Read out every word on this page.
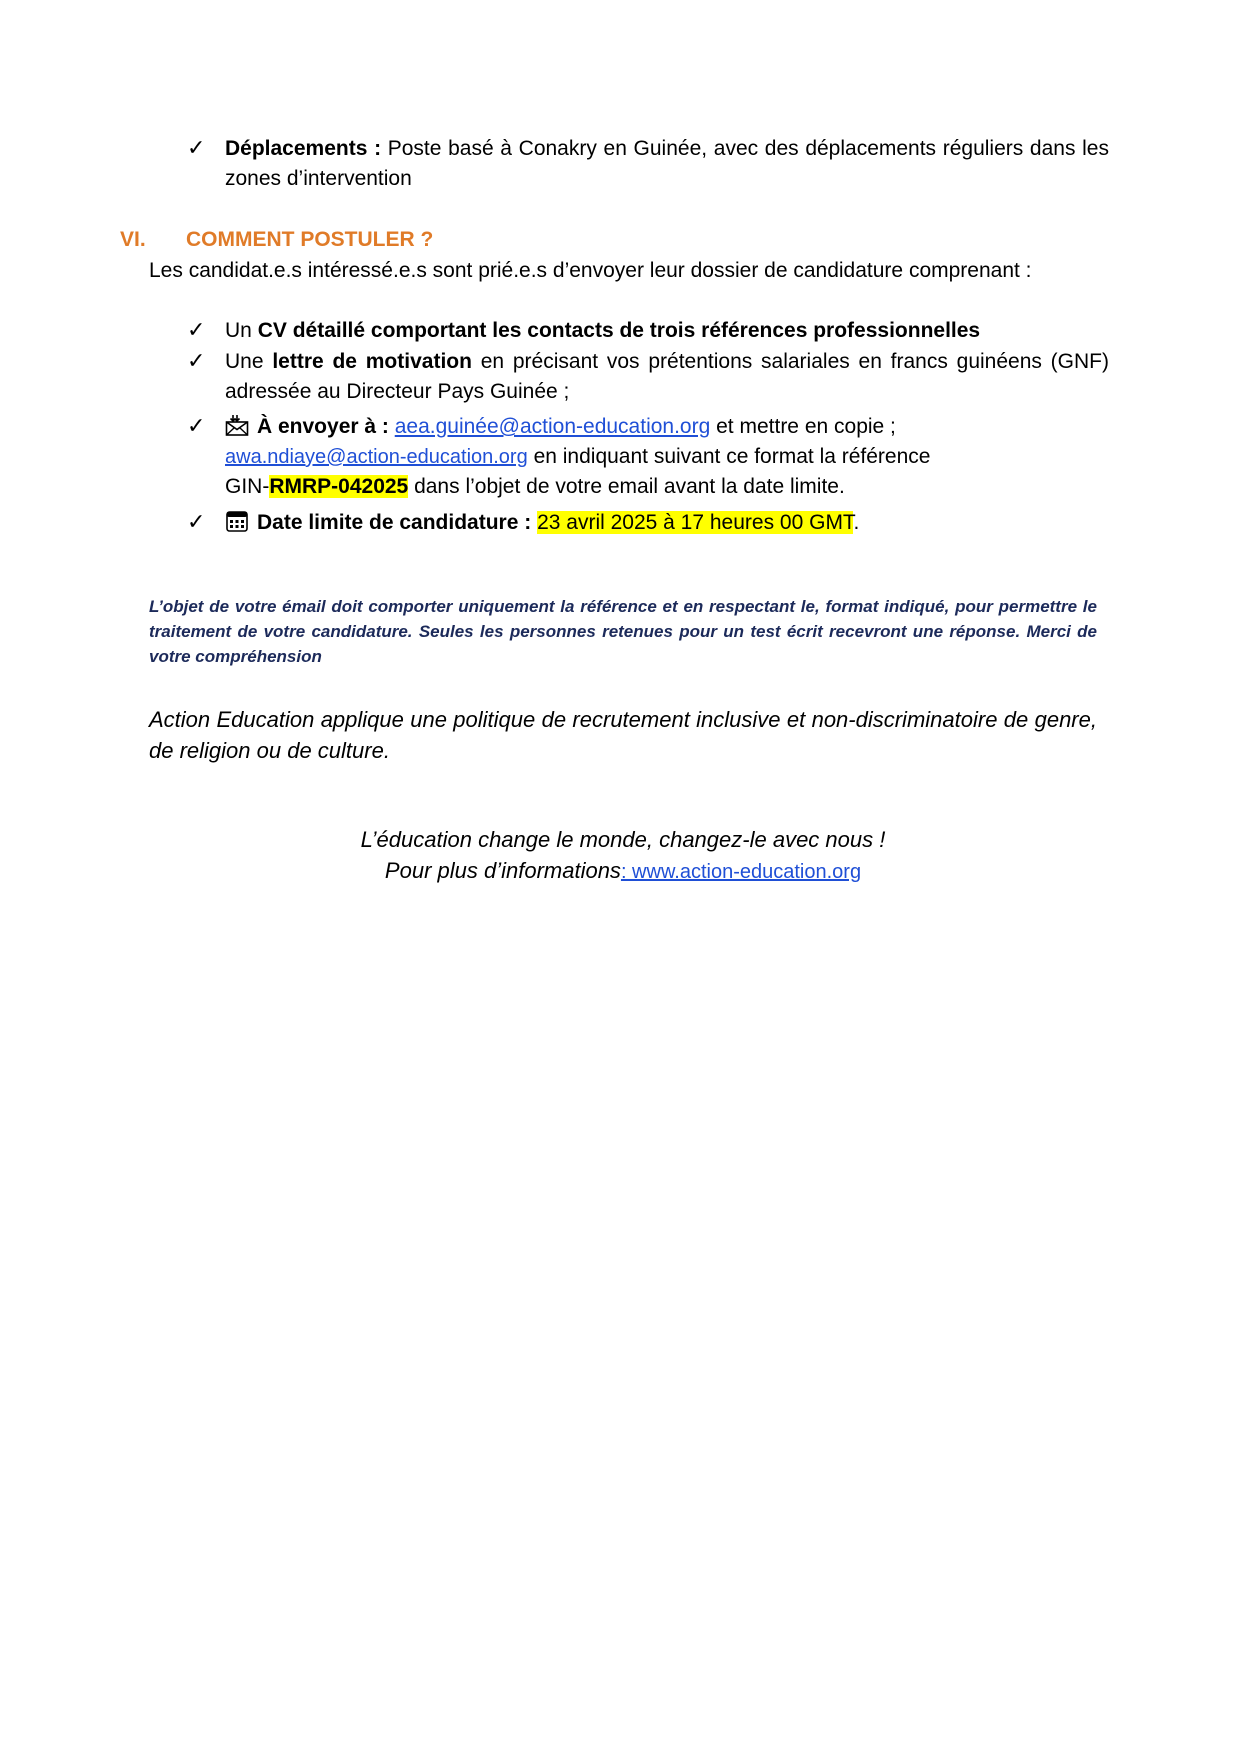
✓ Déplacements : Poste basé à Conakry en Guinée, avec des déplacements réguliers dans les zones d’intervention
VI. COMMENT POSTULER ?
Les candidat.e.s intéressé.e.s sont prié.e.s d’envoyer leur dossier de candidature comprenant :
✓ Un CV détaillé comportant les contacts de trois références professionnelles
✓ Une lettre de motivation en précisant vos prétentions salariales en francs guinéens (GNF) adressée au Directeur Pays Guinée ;
✓	À envoyer à : aea.guinée@action-education.org et mettre en copie ;
awa.ndiaye@action-education.org en indiquant suivant ce format la référence
GIN-RMRP-042025 dans l’objet de votre email avant la date limite.
✓	Date limite de candidature : 23 avril 2025 à 17 heures 00 GMT.
L’objet de votre émail doit comporter uniquement la référence et en respectant le, format indiqué, pour permettre le traitement de votre candidature. Seules les personnes retenues pour un test écrit recevront une réponse. Merci de votre compréhension
Action Education applique une politique de recrutement inclusive et non-discriminatoire de genre, de religion ou de culture.
L’éducation change le monde, changez-le avec nous !
Pour plus d’informations: www.action-education.org
